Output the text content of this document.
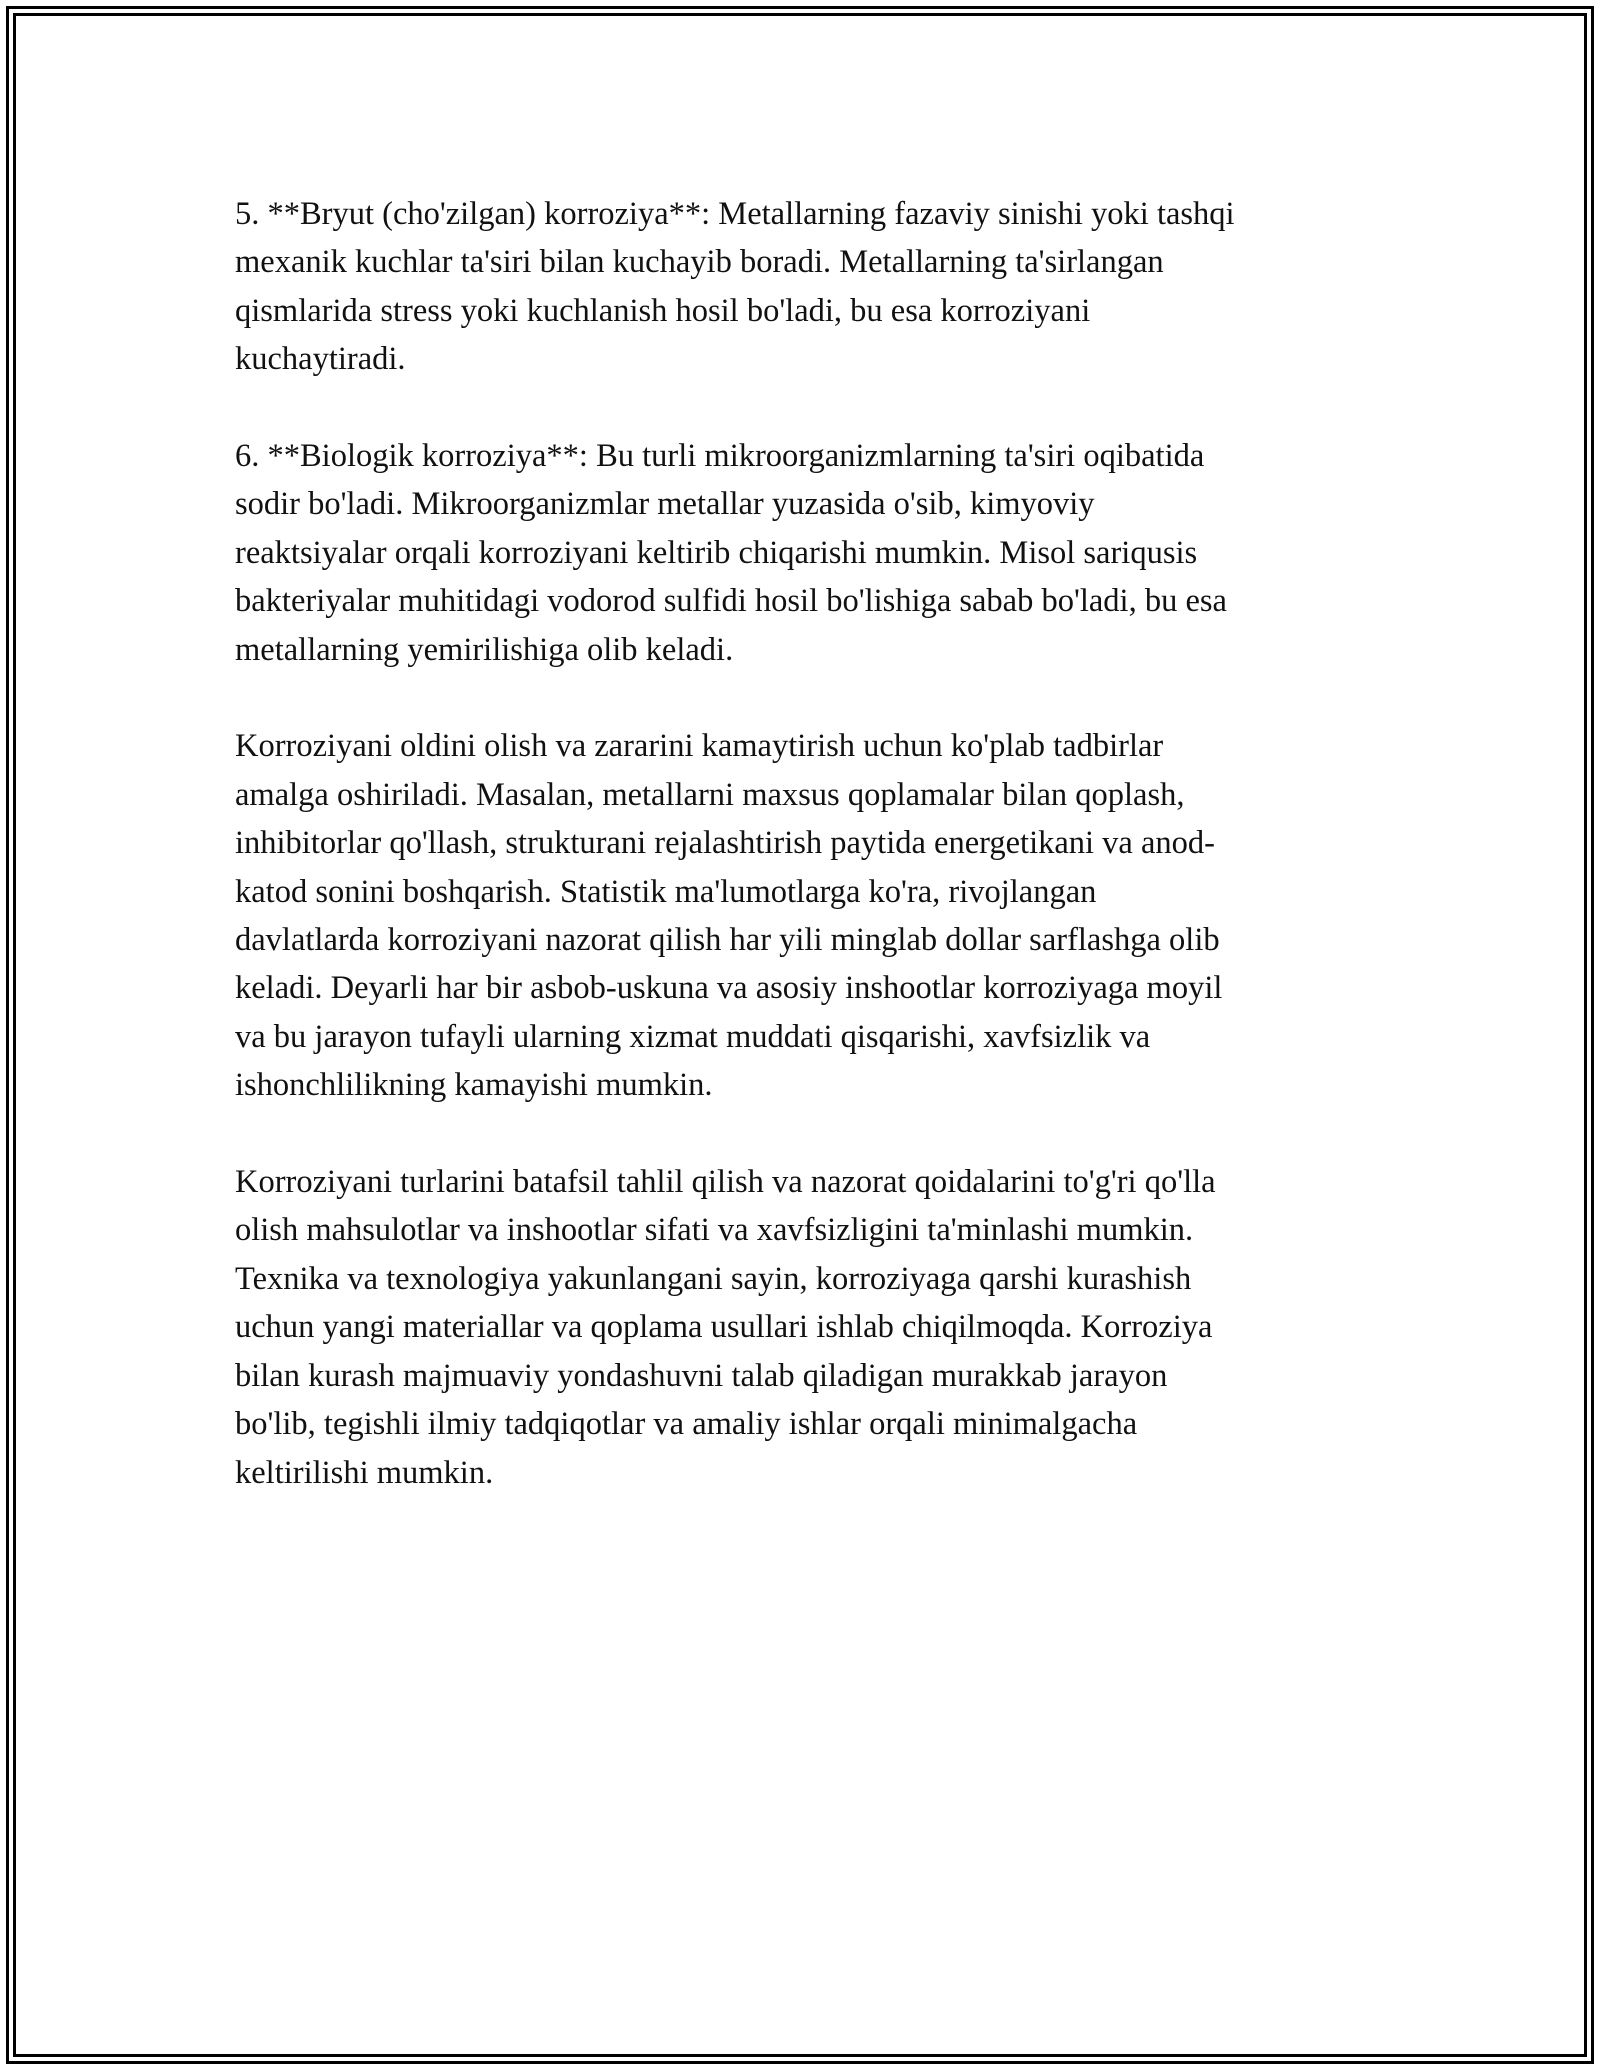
5. **Bryut (cho'zilgan) korroziya**: Metallarning fazaviy sinishi yoki tashqi
mexanik kuchlar ta'siri bilan kuchayib boradi. Metallarning ta'sirlangan
qismlarida stress yoki kuchlanish hosil bo'ladi, bu esa korroziyani
kuchaytiradi.

6. **Biologik korroziya**: Bu turli mikroorganizmlarning ta'siri oqibatida
sodir bo'ladi. Mikroorganizmlar metallar yuzasida o'sib, kimyoviy
reaktsiyalar orqali korroziyani keltirib chiqarishi mumkin. Misol sariqusis
bakteriyalar muhitidagi vodorod sulfidi hosil bo'lishiga sabab bo'ladi, bu esa
metallarning yemirilishiga olib keladi.

Korroziyani oldini olish va zararini kamaytirish uchun ko'plab tadbirlar
amalga oshiriladi. Masalan, metallarni maxsus qoplamalar bilan qoplash,
inhibitorlar qo'llash, strukturani rejalashtirish paytida energetikani va anod-
katod sonini boshqarish. Statistik ma'lumotlarga ko'ra, rivojlangan
davlatlarda korroziyani nazorat qilish har yili minglab dollar sarflashga olib
keladi. Deyarli har bir asbob-uskuna va asosiy inshootlar korroziyaga moyil
va bu jarayon tufayli ularning xizmat muddati qisqarishi, xavfsizlik va
ishonchlilikning kamayishi mumkin.

Korroziyani turlarini batafsil tahlil qilish va nazorat qoidalarini to'g'ri qo'lla
olish mahsulotlar va inshootlar sifati va xavfsizligini ta'minlashi mumkin.
Texnika va texnologiya yakunlangani sayin, korroziyaga qarshi kurashish
uchun yangi materiallar va qoplama usullari ishlab chiqilmoqda. Korroziya
bilan kurash majmuaviy yondashuvni talab qiladigan murakkab jarayon
bo'lib, tegishli ilmiy tadqiqotlar va amaliy ishlar orqali minimalgacha
keltirilishi mumkin.
